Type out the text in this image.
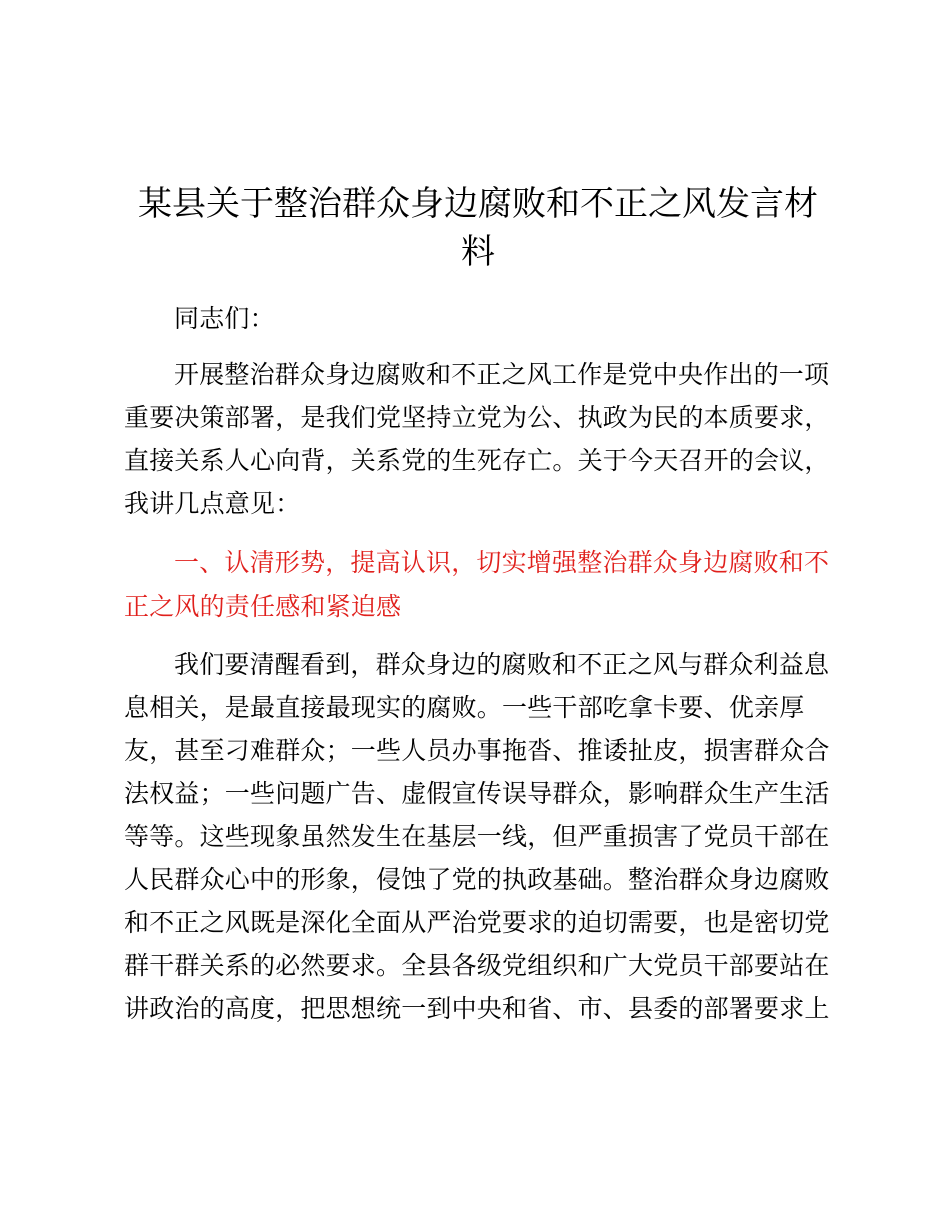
某县关于整治群众身边腐败和不正之风发言材
料

同志们：

开展整治群众身边腐败和不正之风工作是党中央作出的一项

重要决策部署，是我们党坚持立党为公、执政为民的本质要求，

直接关系人心向背，关系党的生死存亡。关于今天召开的会议，

我讲几点意见：

一、认清形势，提高认识，切实增强整治群众身边腐败和不

正之风的责任感和紧迫感

我们要清醒看到，群众身边的腐败和不正之风与群众利益息

息相关，是最直接最现实的腐败。一些干部吃拿卡要、优亲厚

友，甚至刁难群众；一些人员办事拖沓、推诿扯皮，损害群众合

法权益；一些问题广告、虚假宣传误导群众，影响群众生产生活

等等。这些现象虽然发生在基层一线，但严重损害了党员干部在

人民群众心中的形象，侵蚀了党的执政基础。整治群众身边腐败

和不正之风既是深化全面从严治党要求的迫切需要，也是密切党

群干群关系的必然要求。全县各级党组织和广大党员干部要站在

讲政治的高度，把思想统一到中央和省、市、县委的部署要求上
